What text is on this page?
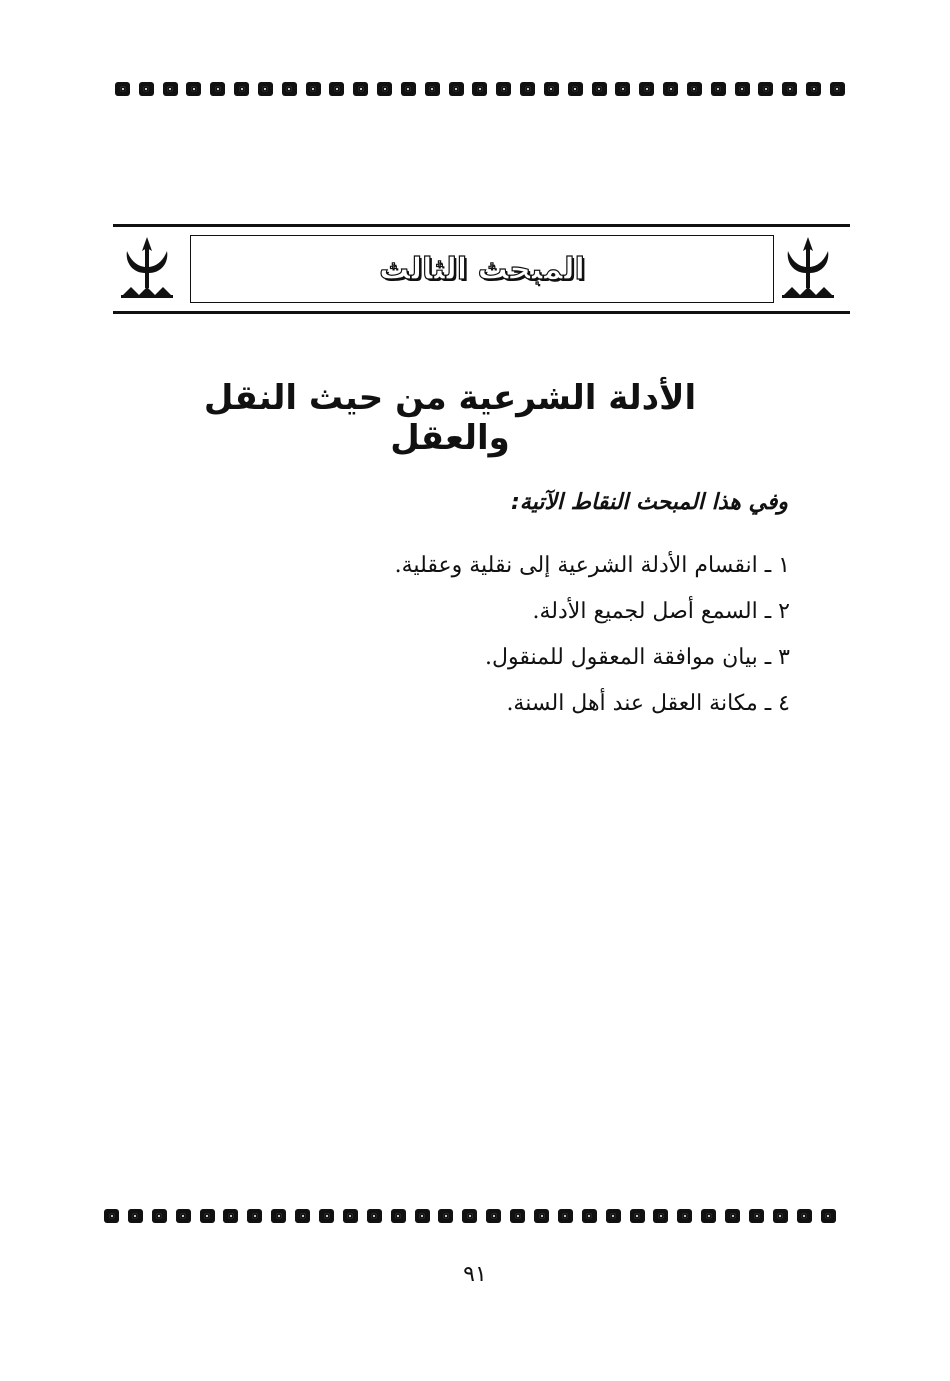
المبحث الثالث
الأدلة الشرعية من حيث النقل والعقل
وفي هذا المبحث النقاط الآتية:
١ ـ انقسام الأدلة الشرعية إلى نقلية وعقلية.
٢ ـ السمع أصل لجميع الأدلة.
٣ ـ بيان موافقة المعقول للمنقول.
٤ ـ مكانة العقل عند أهل السنة.
٩١
